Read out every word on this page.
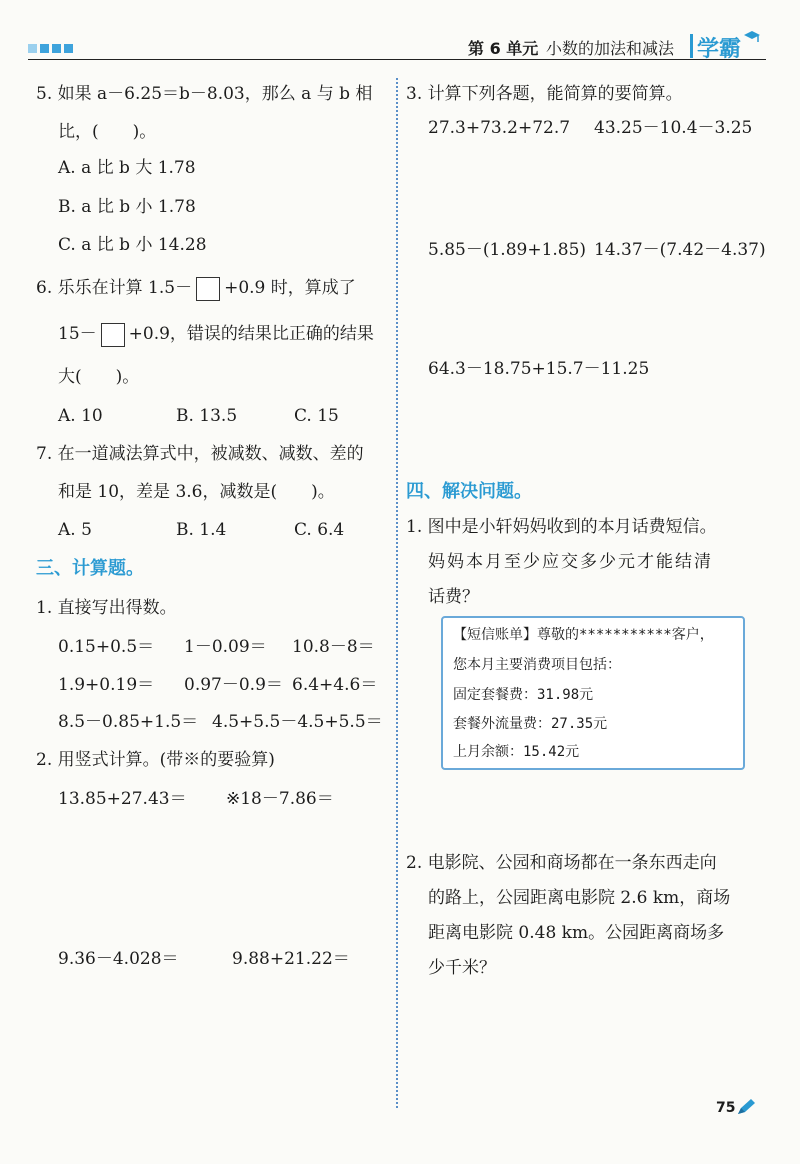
第 6 单元 小数的加法和减法 学霸
5. 如果 a－6.25＝b－8.03，那么 a 与 b 相
比，(　　)。
A. a 比 b 大 1.78
B. a 比 b 小 1.78
C. a 比 b 小 14.28
6. 乐乐在计算 1.5－ +0.9 时，算成了
15－ +0.9，错误的结果比正确的结果
大(　　)。
A. 10	B. 13.5	C. 15
7. 在一道减法算式中，被减数、减数、差的
和是 10，差是 3.6，减数是(　　)。
A. 5	B. 1.4	C. 6.4
三、计算题。
1. 直接写出得数。
0.15+0.5＝ 1－0.09＝ 10.8－8＝
1.9+0.19＝ 0.97－0.9＝ 6.4+4.6＝
8.5－0.85+1.5＝ 4.5+5.5－4.5+5.5＝
2. 用竖式计算。(带※的要验算)
13.85+27.43＝ ※18－7.86＝
9.36－4.028＝	9.88+21.22＝
3. 计算下列各题，能简算的要简算。
27.3+73.2+72.7 43.25－10.4－3.25
5.85－(1.89+1.85) 14.37－(7.42－4.37)
64.3－18.75+15.7－11.25
四、解决问题。
1. 图中是小轩妈妈收到的本月话费短信。
妈妈本月至少应交多少元才能结清
话费？
【短信账单】尊敬的***********客户，
您本月主要消费项目包括：
固定套餐费：31.98元
套餐外流量费：27.35元
上月余额：15.42元
2. 电影院、公园和商场都在一条东西走向
的路上，公园距离电影院 2.6 km，商场
距离电影院 0.48 km。公园距离商场多
少千米？
75
